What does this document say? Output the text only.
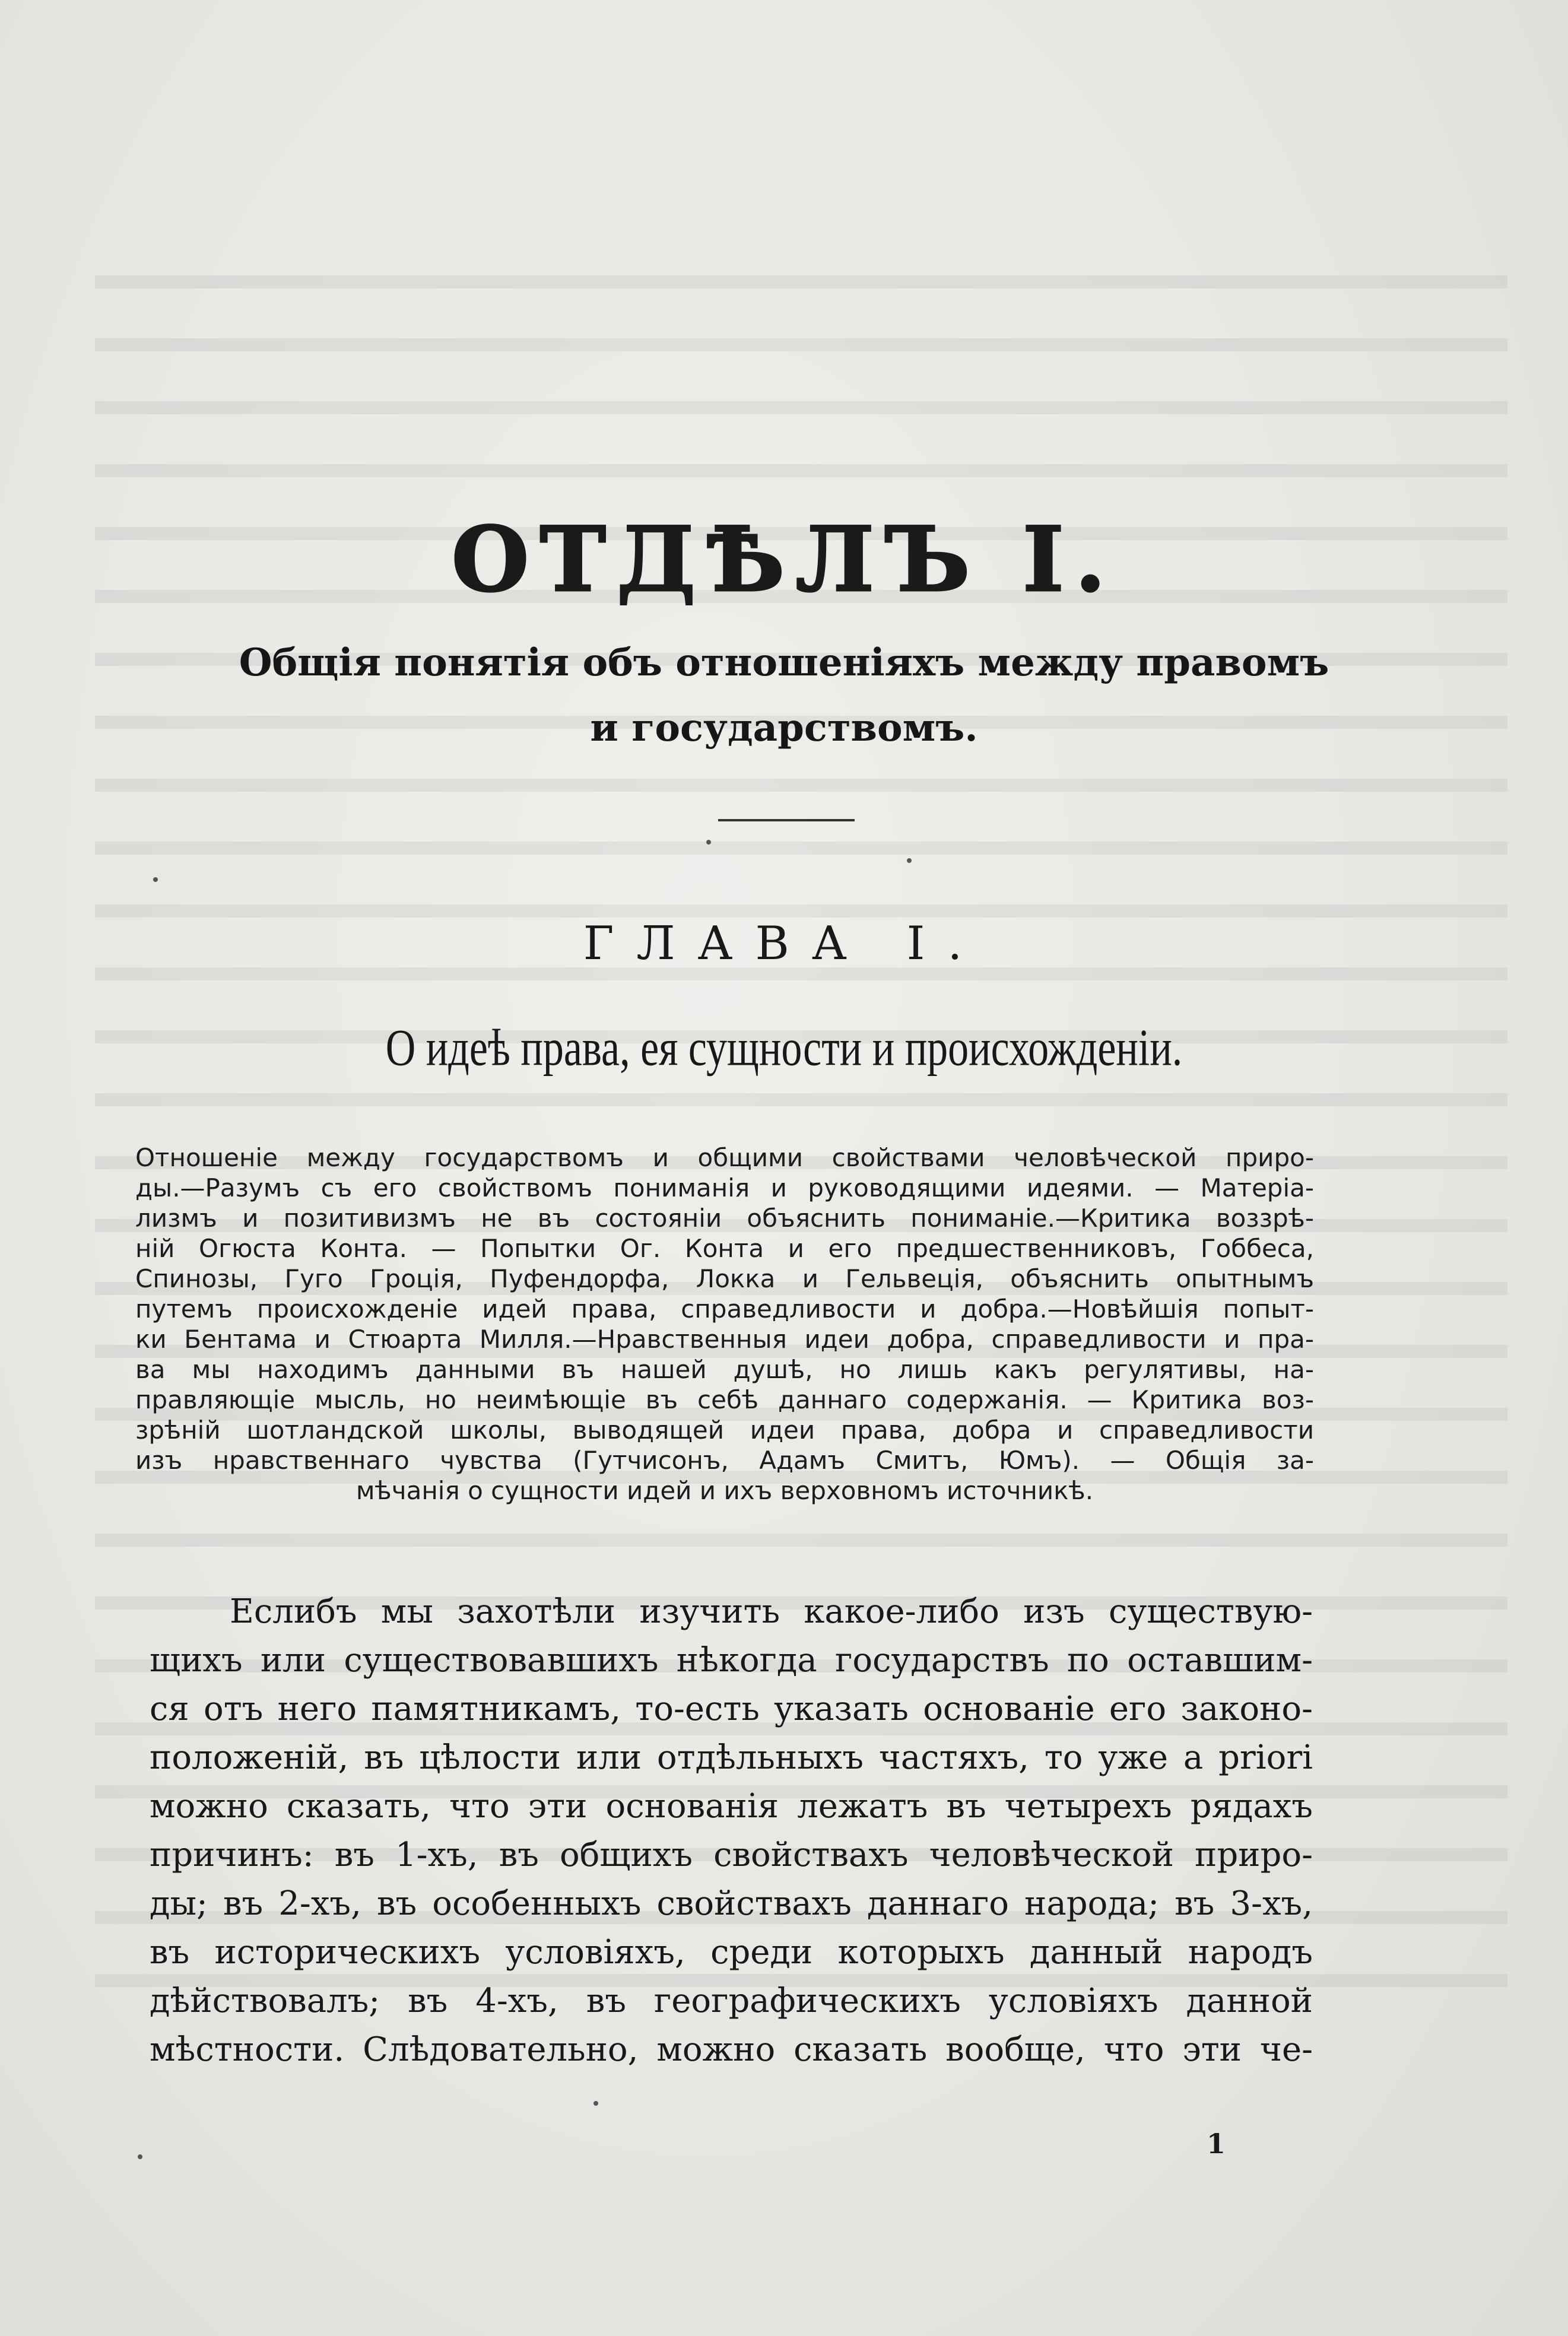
ОТДѢЛЪ I.
Общiя понятiя объ отношенiяхъ между правомъ
и государствомъ.
ГЛАВА I.
О идеѣ права, ея сущности и происхожденiи.
Отношенiе между государствомъ и общими свойствами человѣческой приро-
ды.—Разумъ съ его свойствомъ пониманiя и руководящими идеями. — Матерiа-
лизмъ и позитивизмъ не въ состоянiи объяснить пониманiе.—Критика воззрѣ-
нiй Огюста Конта. — Попытки Ог. Конта и его предшественниковъ, Гоббеса,
Спинозы, Гуго Гроцiя, Пуфендорфа, Локка и Гельвецiя, объяснить опытнымъ
путемъ происхожденiе идей права, справедливости и добра.—Новѣйшiя попыт-
ки Бентама и Стюарта Милля.—Нравственныя идеи добра, справедливости и пра-
ва мы находимъ данными въ нашей душѣ, но лишь какъ регулятивы, на-
правляющiе мысль, но неимѣющiе въ себѣ даннаго содержанiя. — Критика воз-
зрѣнiй шотландской школы, выводящей идеи права, добра и справедливости
изъ нравственнаго чувства (Гутчисонъ, Адамъ Смитъ, Юмъ). — Общiя за-
мѣчанiя о сущности идей и ихъ верховномъ источникѣ.
Еслибъ мы захотѣли изучить какое-либо изъ существую-
щихъ или существовавшихъ нѣкогда государствъ по оставшим-
ся отъ него памятникамъ, то-есть указать основанiе его законо-
положенiй, въ цѣлости или отдѣльныхъ частяхъ, то уже a priori
можно сказать, что эти основанiя лежатъ въ четырехъ рядахъ
причинъ: въ 1-хъ, въ общихъ свойствахъ человѣческой приро-
ды; въ 2-хъ, въ особенныхъ свойствахъ даннаго народа; въ 3-хъ,
въ историческихъ условiяхъ, среди которыхъ данный народъ
дѣйствовалъ; въ 4-хъ, въ географическихъ условiяхъ данной
мѣстности. Слѣдовательно, можно сказать вообще, что эти че-
1
